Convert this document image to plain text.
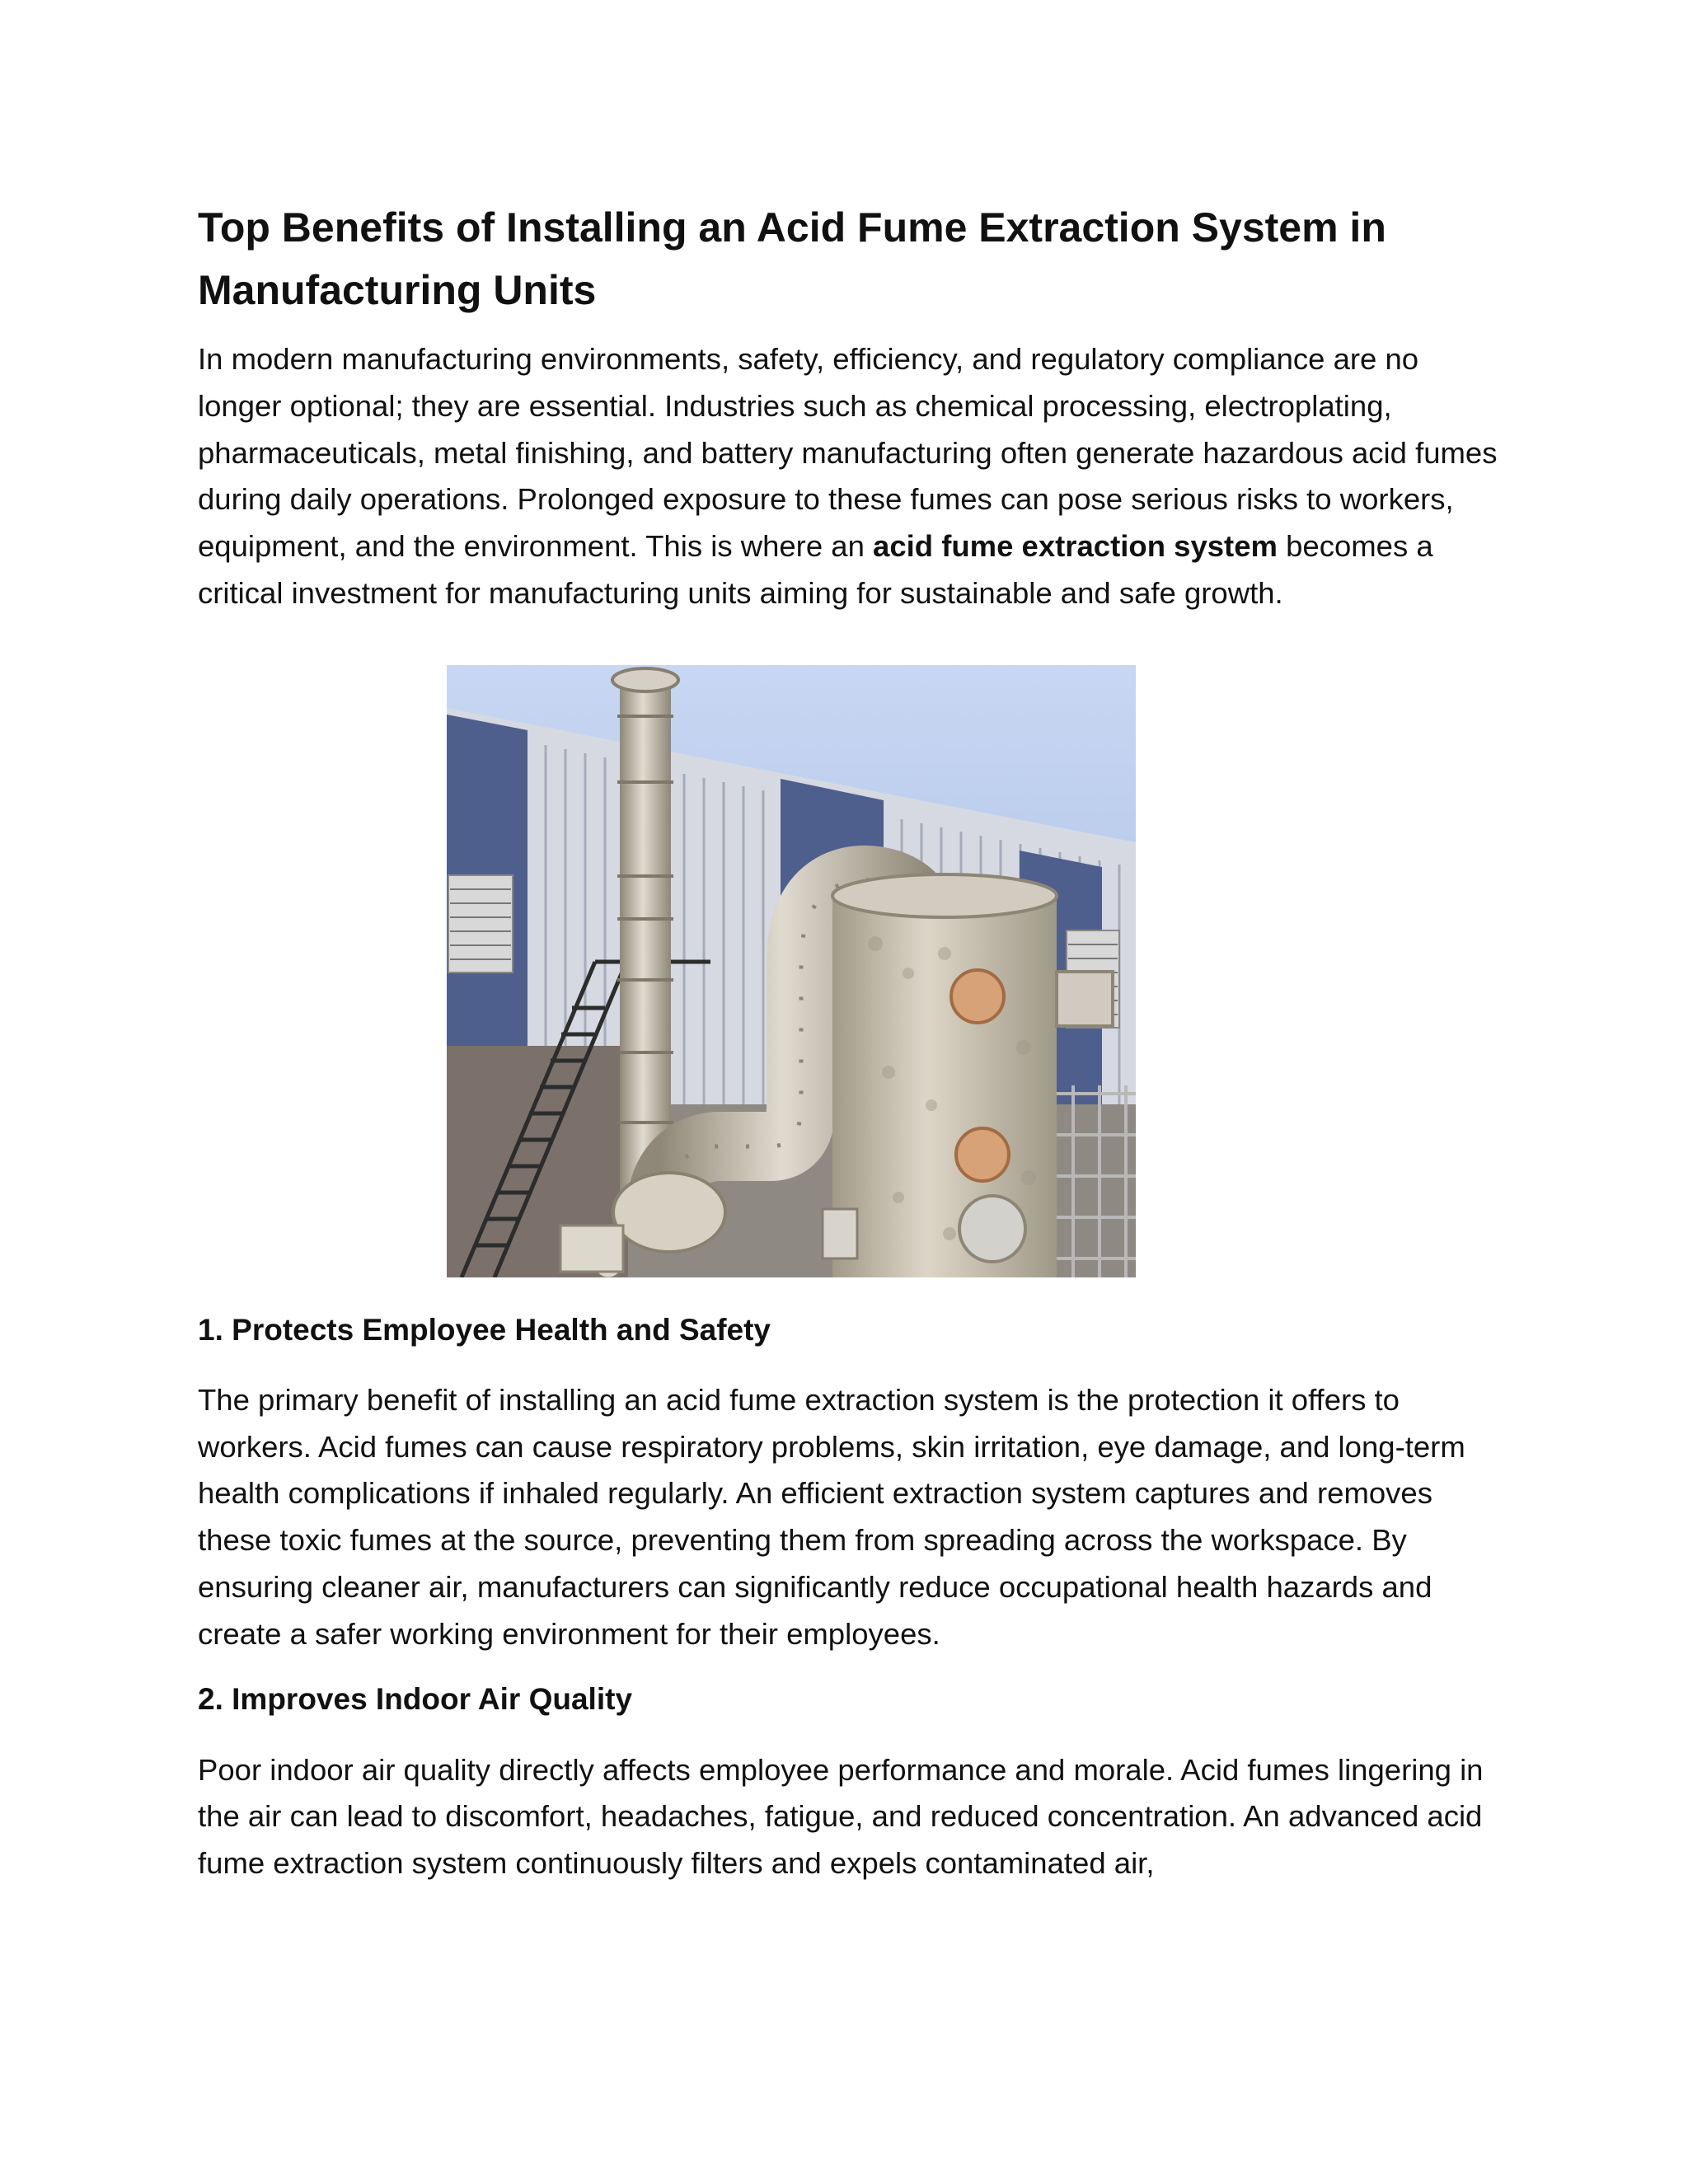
Top Benefits of Installing an Acid Fume Extraction System in Manufacturing Units

In modern manufacturing environments, safety, efficiency, and regulatory compliance are no longer optional; they are essential. Industries such as chemical processing, electroplating, pharmaceuticals, metal finishing, and battery manufacturing often generate hazardous acid fumes during daily operations. Prolonged exposure to these fumes can pose serious risks to workers, equipment, and the environment. This is where an acid fume extraction system becomes a critical investment for manufacturing units aiming for sustainable and safe growth.

1. Protects Employee Health and Safety

The primary benefit of installing an acid fume extraction system is the protection it offers to workers. Acid fumes can cause respiratory problems, skin irritation, eye damage, and long-term health complications if inhaled regularly. An efficient extraction system captures and removes these toxic fumes at the source, preventing them from spreading across the workspace. By ensuring cleaner air, manufacturers can significantly reduce occupational health hazards and create a safer working environment for their employees.

2. Improves Indoor Air Quality

Poor indoor air quality directly affects employee performance and morale. Acid fumes lingering in the air can lead to discomfort, headaches, fatigue, and reduced concentration. An advanced acid fume extraction system continuously filters and expels contaminated air,
